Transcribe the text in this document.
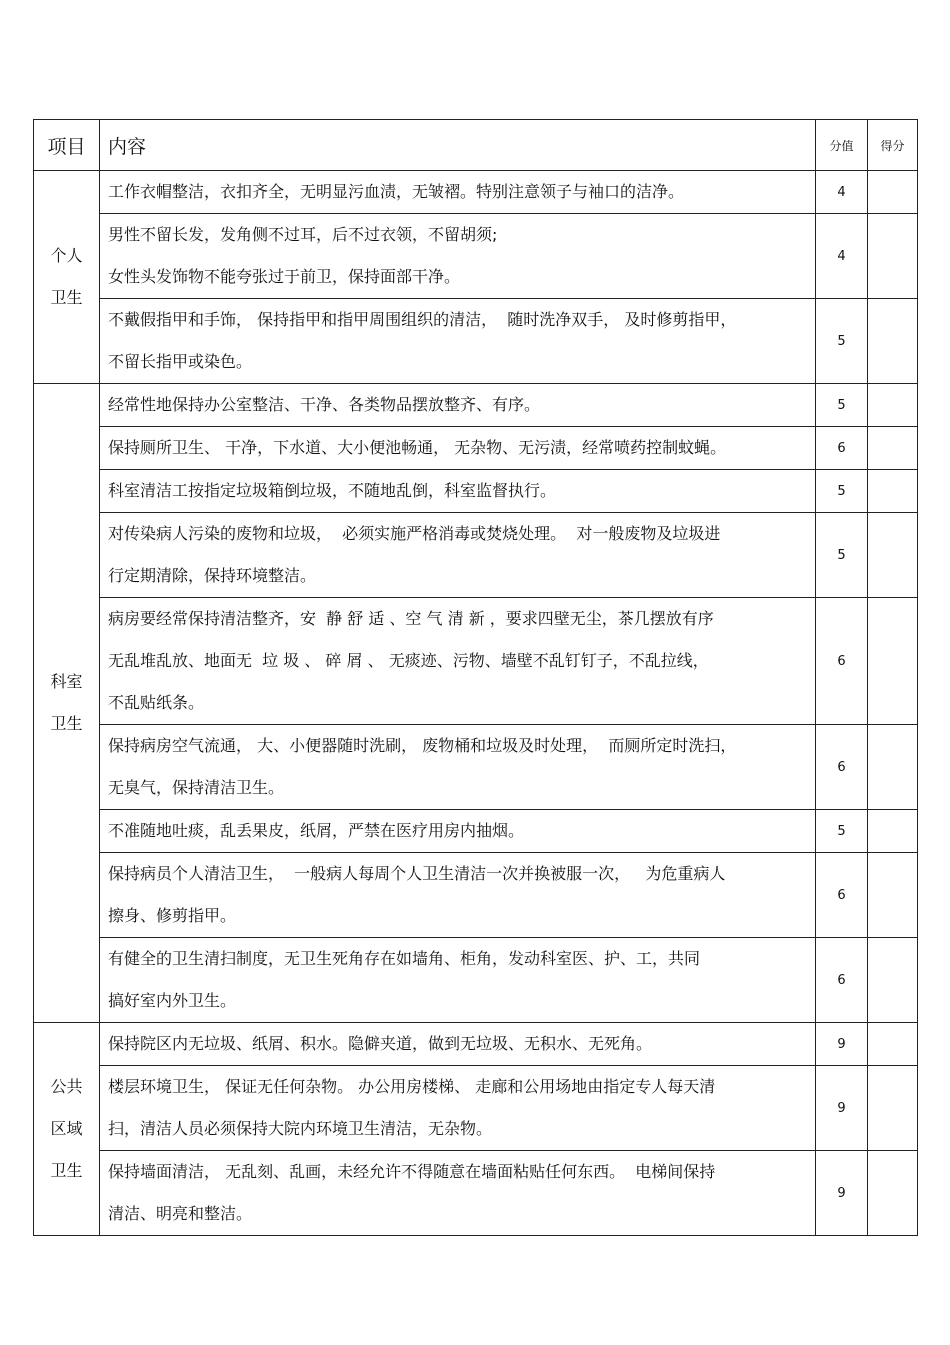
项目	内容	分值	得分

个人
卫生	工作衣帽整洁，衣扣齐全，无明显污血渍，无皱褶。特别注意领子与袖口的洁净。	4	
	男性不留长发，发角侧不过耳，后不过衣领，不留胡须;
女性头发饰物不能夸张过于前卫，保持面部干净。	4	
	不戴假指甲和手饰， 保持指甲和指甲周围组织的清洁，  随时洗净双手， 及时修剪指甲，
不留长指甲或染色。	5	

科室
卫生	经常性地保持办公室整洁、干净、各类物品摆放整齐、有序。	5	
	保持厕所卫生、 干净，下水道、大小便池畅通， 无杂物、无污渍，经常喷药控制蚊蝇。	6	
	科室清洁工按指定垃圾箱倒垃圾，不随地乱倒，科室监督执行。	5	
	对传染病人污染的废物和垃圾，  必须实施严格消毒或焚烧处理。  对一般废物及垃圾进
行定期清除，保持环境整洁。	5	
	病房要经常保持清洁整齐，安  静 舒 适 、空 气 清 新 ，要求四壁无尘，茶几摆放有序
无乱堆乱放、地面无  垃 圾 、 碎 屑 、 无痰迹、污物、墙壁不乱钉钉子，不乱拉线，
不乱贴纸条。	6	
	保持病房空气流通， 大、小便器随时洗刷， 废物桶和垃圾及时处理，  而厕所定时洗扫，
无臭气，保持清洁卫生。	6	
	不准随地吐痰，乱丢果皮，纸屑，严禁在医疗用房内抽烟。	5	
	保持病员个人清洁卫生，  一般病人每周个人卫生清洁一次并换被服一次，   为危重病人
擦身、修剪指甲。	6	
	有健全的卫生清扫制度，无卫生死角存在如墙角、柜角，发动科室医、护、工，共同
搞好室内外卫生。	6	

公共
区域
卫生	保持院区内无垃圾、纸屑、积水。隐僻夹道，做到无垃圾、无积水、无死角。	9	
	楼层环境卫生， 保证无任何杂物。 办公用房楼梯、 走廊和公用场地由指定专人每天清
扫，清洁人员必须保持大院内环境卫生清洁，无杂物。	9	
	保持墙面清洁， 无乱刻、乱画，未经允许不得随意在墙面粘贴任何东西。  电梯间保持
清洁、明亮和整洁。	9	
